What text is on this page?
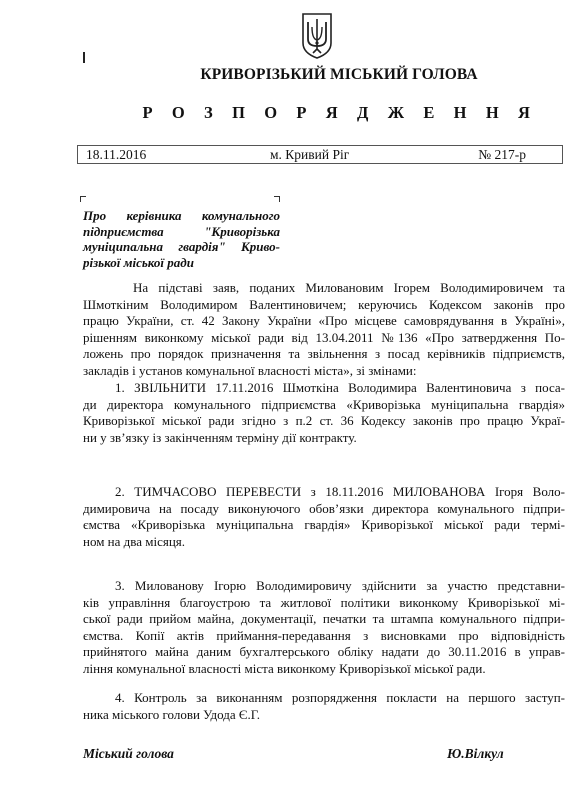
КРИВОРІЗЬКИЙ МІСЬКИЙ ГОЛОВА
Р О З П О Р Я Д Ж Е Н Н Я
18.11.2016	м. Кривий Ріг	№ 217-р
Про керівника комунального
підприємства "Криворізька
муніципальна гвардія" Криво-
різької міської ради
На підставі заяв, поданих Миловановим Ігорем Володимировичем та
Шмоткіним Володимиром Валентиновичем; керуючись Кодексом законів про
працю України, ст. 42 Закону України «Про місцеве самоврядування в Україні»,
рішенням виконкому міської ради від 13.04.2011 №136 «Про затвердження По-
ложень про порядок призначення та звільнення з посад керівників підприємств,
закладів і установ комунальної власності міста», зі змінами:
1. ЗВІЛЬНИТИ 17.11.2016 Шмоткіна Володимира Валентиновича з поса-
ди директора комунального підприємства «Криворізька муніципальна гвардія»
Криворізької міської ради згідно з п.2 ст. 36 Кодексу законів про працю Украї-
ни у зв’язку із закінченням терміну дії контракту.
2. ТИМЧАСОВО ПЕРЕВЕСТИ з 18.11.2016 МИЛОВАНОВА Ігоря Воло-
димировича на посаду виконуючого обов’язки директора комунального підпри-
ємства «Криворізька муніципальна гвардія» Криворізької міської ради термі-
ном на два місяця.
3. Милованову Ігорю Володимировичу здійснити за участю представни-
ків управління благоустрою та житлової політики виконкому Криворізької мі-
ської ради прийом майна, документації, печатки та штампа комунального підпри-
ємства. Копії актів приймання-передавання з висновками про відповідність
прийнятого майна даним бухгалтерського обліку надати до 30.11.2016 в управ-
ління комунальної власності міста виконкому Криворізької міської ради.
4. Контроль за виконанням розпорядження покласти на першого заступ-
ника міського голови Удода Є.Г.
Міський голова	Ю.Вілкул
